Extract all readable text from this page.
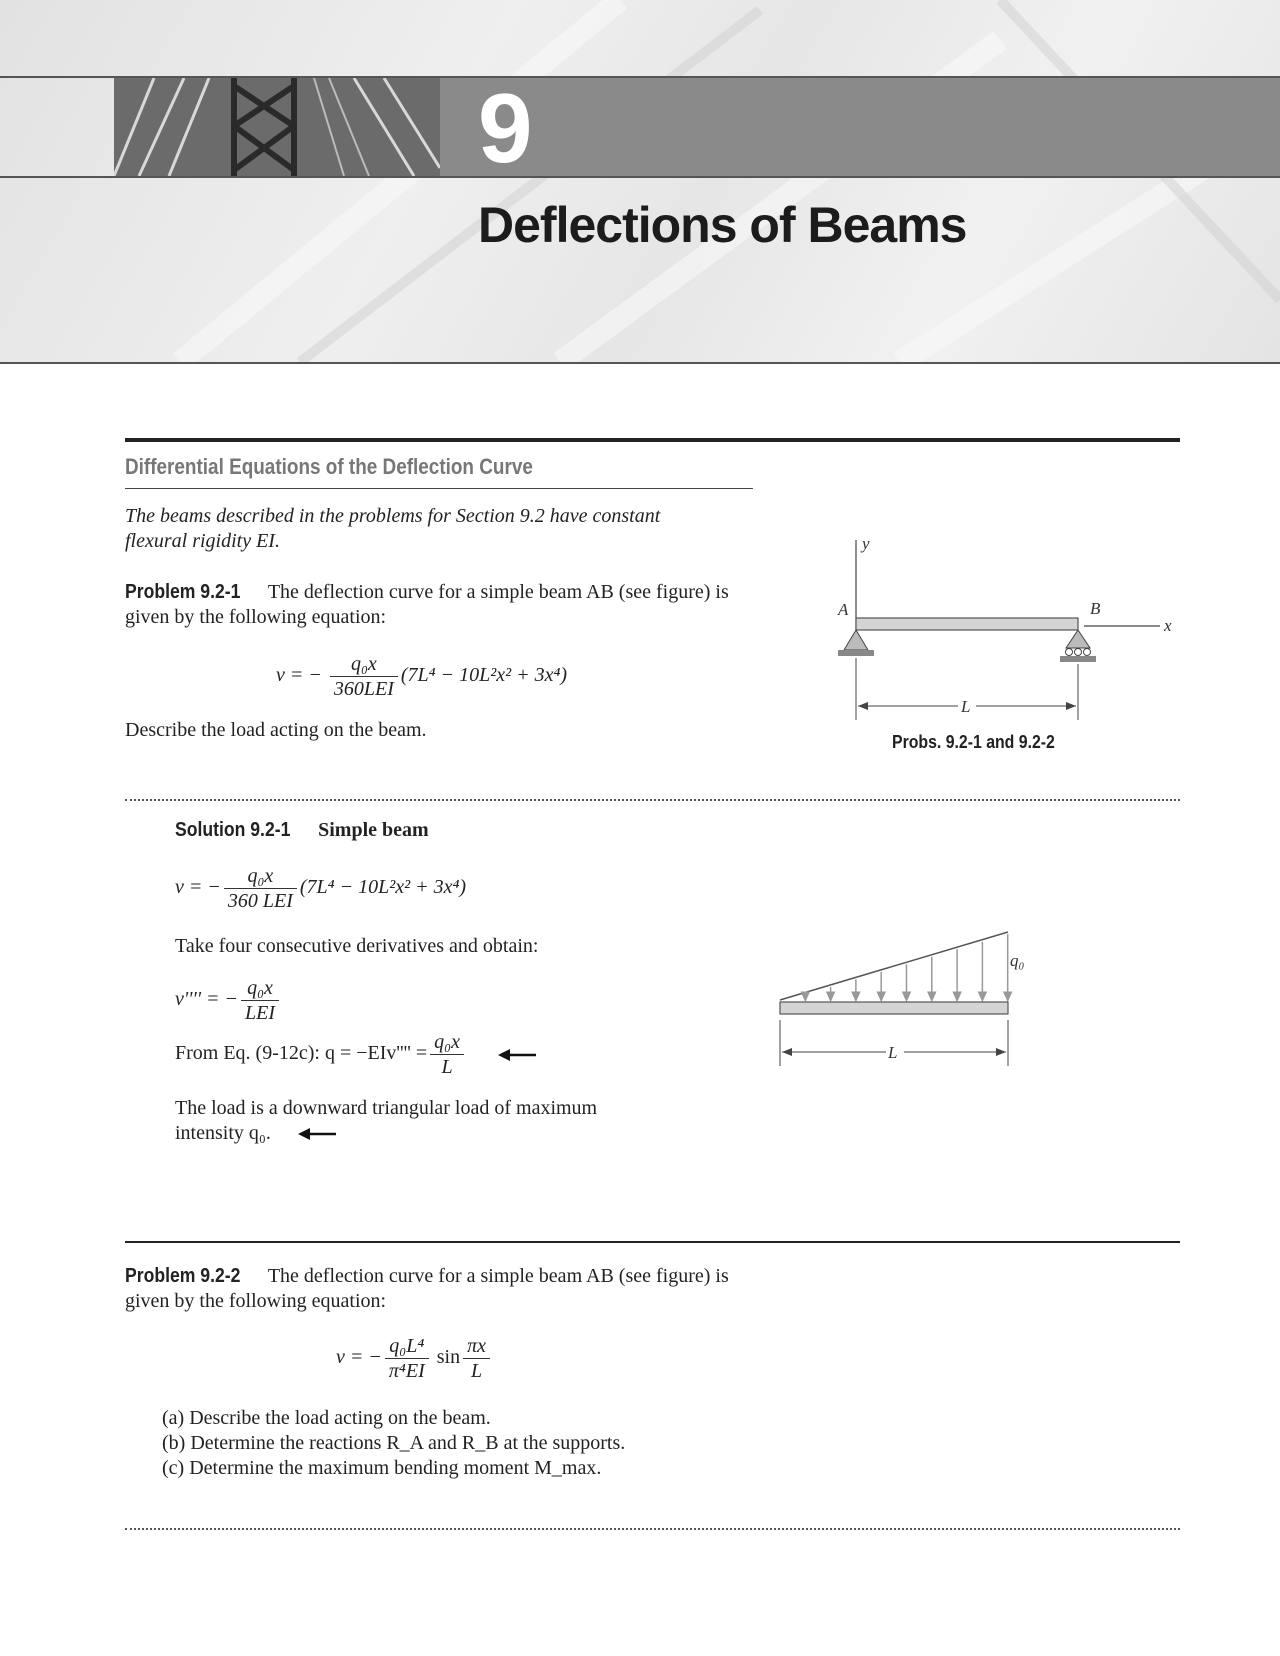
9
Deflections of Beams
Differential Equations of the Deflection Curve
The beams described in the problems for Section 9.2 have constant flexural rigidity EI.
Problem 9.2-1 The deflection curve for a simple beam AB (see figure) is given by the following equation:
v = − $\frac{\text{q₀x}}{\text{360LEI}} (7L^4 - 10L^2x^2 + 3x^4)$
Describe the load acting on the beam.
y
A	B
x
L
Probs. 9.2-1 and 9.2-2
Solution 9.2-1 Simple beam
v = − $\frac{\text{q₀x}}{\text{360 LEI}} (7L^4 - 10L^2x^2 + 3x^4)$
Take four consecutive derivatives and obtain:
v'''' = − $\frac{\text{q₀x}}{\text{LEI}}$
From Eq. (9-12c): $q = -EIv'''' = \frac{\text{q₀x}}{L}$

The load is a downward triangular load of maximum intensity q₀.
q₀
L
Problem 9.2-2 The deflection curve for a simple beam AB (see figure) is given by the following equation:
v = − $\frac{\text{q₀L⁴}}{\text{π⁴EI}}$ $\sin \frac{\pi x}{L}$
(a) Describe the load acting on the beam.
(b) Determine the reactions R_A and R_B at the supports.
(c) Determine the maximum bending moment M_max.
